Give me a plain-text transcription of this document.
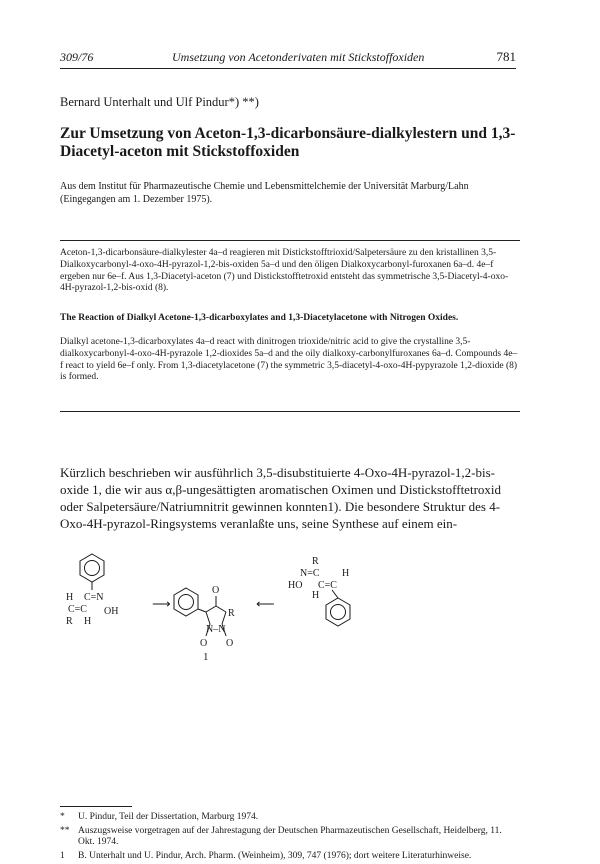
309/76	Umsetzung von Acetonderivaten mit Stickstoffoxiden	781
Bernard Unterhalt und Ulf Pindur*) **)
Zur Umsetzung von Aceton-1,3-dicarbonsäure-dialkylestern und 1,3-Diacetyl-aceton mit Stickstoffoxiden
Aus dem Institut für Pharmazeutische Chemie und Lebensmittelchemie der Universität Marburg/Lahn
(Eingegangen am 1. Dezember 1975).
Aceton-1,3-dicarbonsäure-dialkylester 4a–d reagieren mit Distickstofftrioxid/Salpetersäure zu den kristallinen 3,5-Dialkoxycarbonyl-4-oxo-4H-pyrazol-1,2-bis-oxiden 5a–d und den öligen Dialkoxycarbonyl-furoxanen 6a–d. 4e–f ergeben nur 6e–f. Aus 1,3-Diacetyl-aceton (7) und Distickstofftetroxid entsteht das symmetrische 3,5-Diacetyl-4-oxo-4H-pyrazol-1,2-bis-oxid (8).
The Reaction of Dialkyl Acetone-1,3-dicarboxylates and 1,3-Diacetylacetone with Nitrogen Oxides.
Dialkyl acetone-1,3-dicarboxylates 4a–d react with dinitrogen trioxide/nitric acid to give the crystalline 3,5-dialkoxycarbonyl-4-oxo-4H-pyrazole 1,2-dioxides 5a–d and the oily dialkoxy-carbonylfuroxanes 6a–d. Compounds 4e–f react to yield 6e–f only. From 1,3-diacetylacetone (7) the symmetric 3,5-diacetyl-4-oxo-4H-pypyrazole 1,2-dioxide (8) is formed.
Kürzlich beschrieben wir ausführlich 3,5-disubstituierte 4-Oxo-4H-pyrazol-1,2-bis-oxide 1, die wir aus α,β-ungesättigten aromatischen Oximen und Distickstofftetroxid oder Salpetersäure/Natriumnitrit gewinnen konnten1). Die besondere Struktur des 4-Oxo-4H-pyrazol-Ringsystems veranlaßte uns, seine Synthese auf einem ein-
H C=N
C=C OH
R H
⟶
O
R
N–N
O O
1
⟵
R
N=C H
HO C=C
H
*	U. Pindur, Teil der Dissertation, Marburg 1974.
** Auszugsweise vorgetragen auf der Jahrestagung der Deutschen Pharmazeutischen Gesellschaft, Heidelberg, 11. Okt. 1974.
1	B. Unterhalt und U. Pindur, Arch. Pharm. (Weinheim), 309, 747 (1976); dort weitere Literaturhinweise.
